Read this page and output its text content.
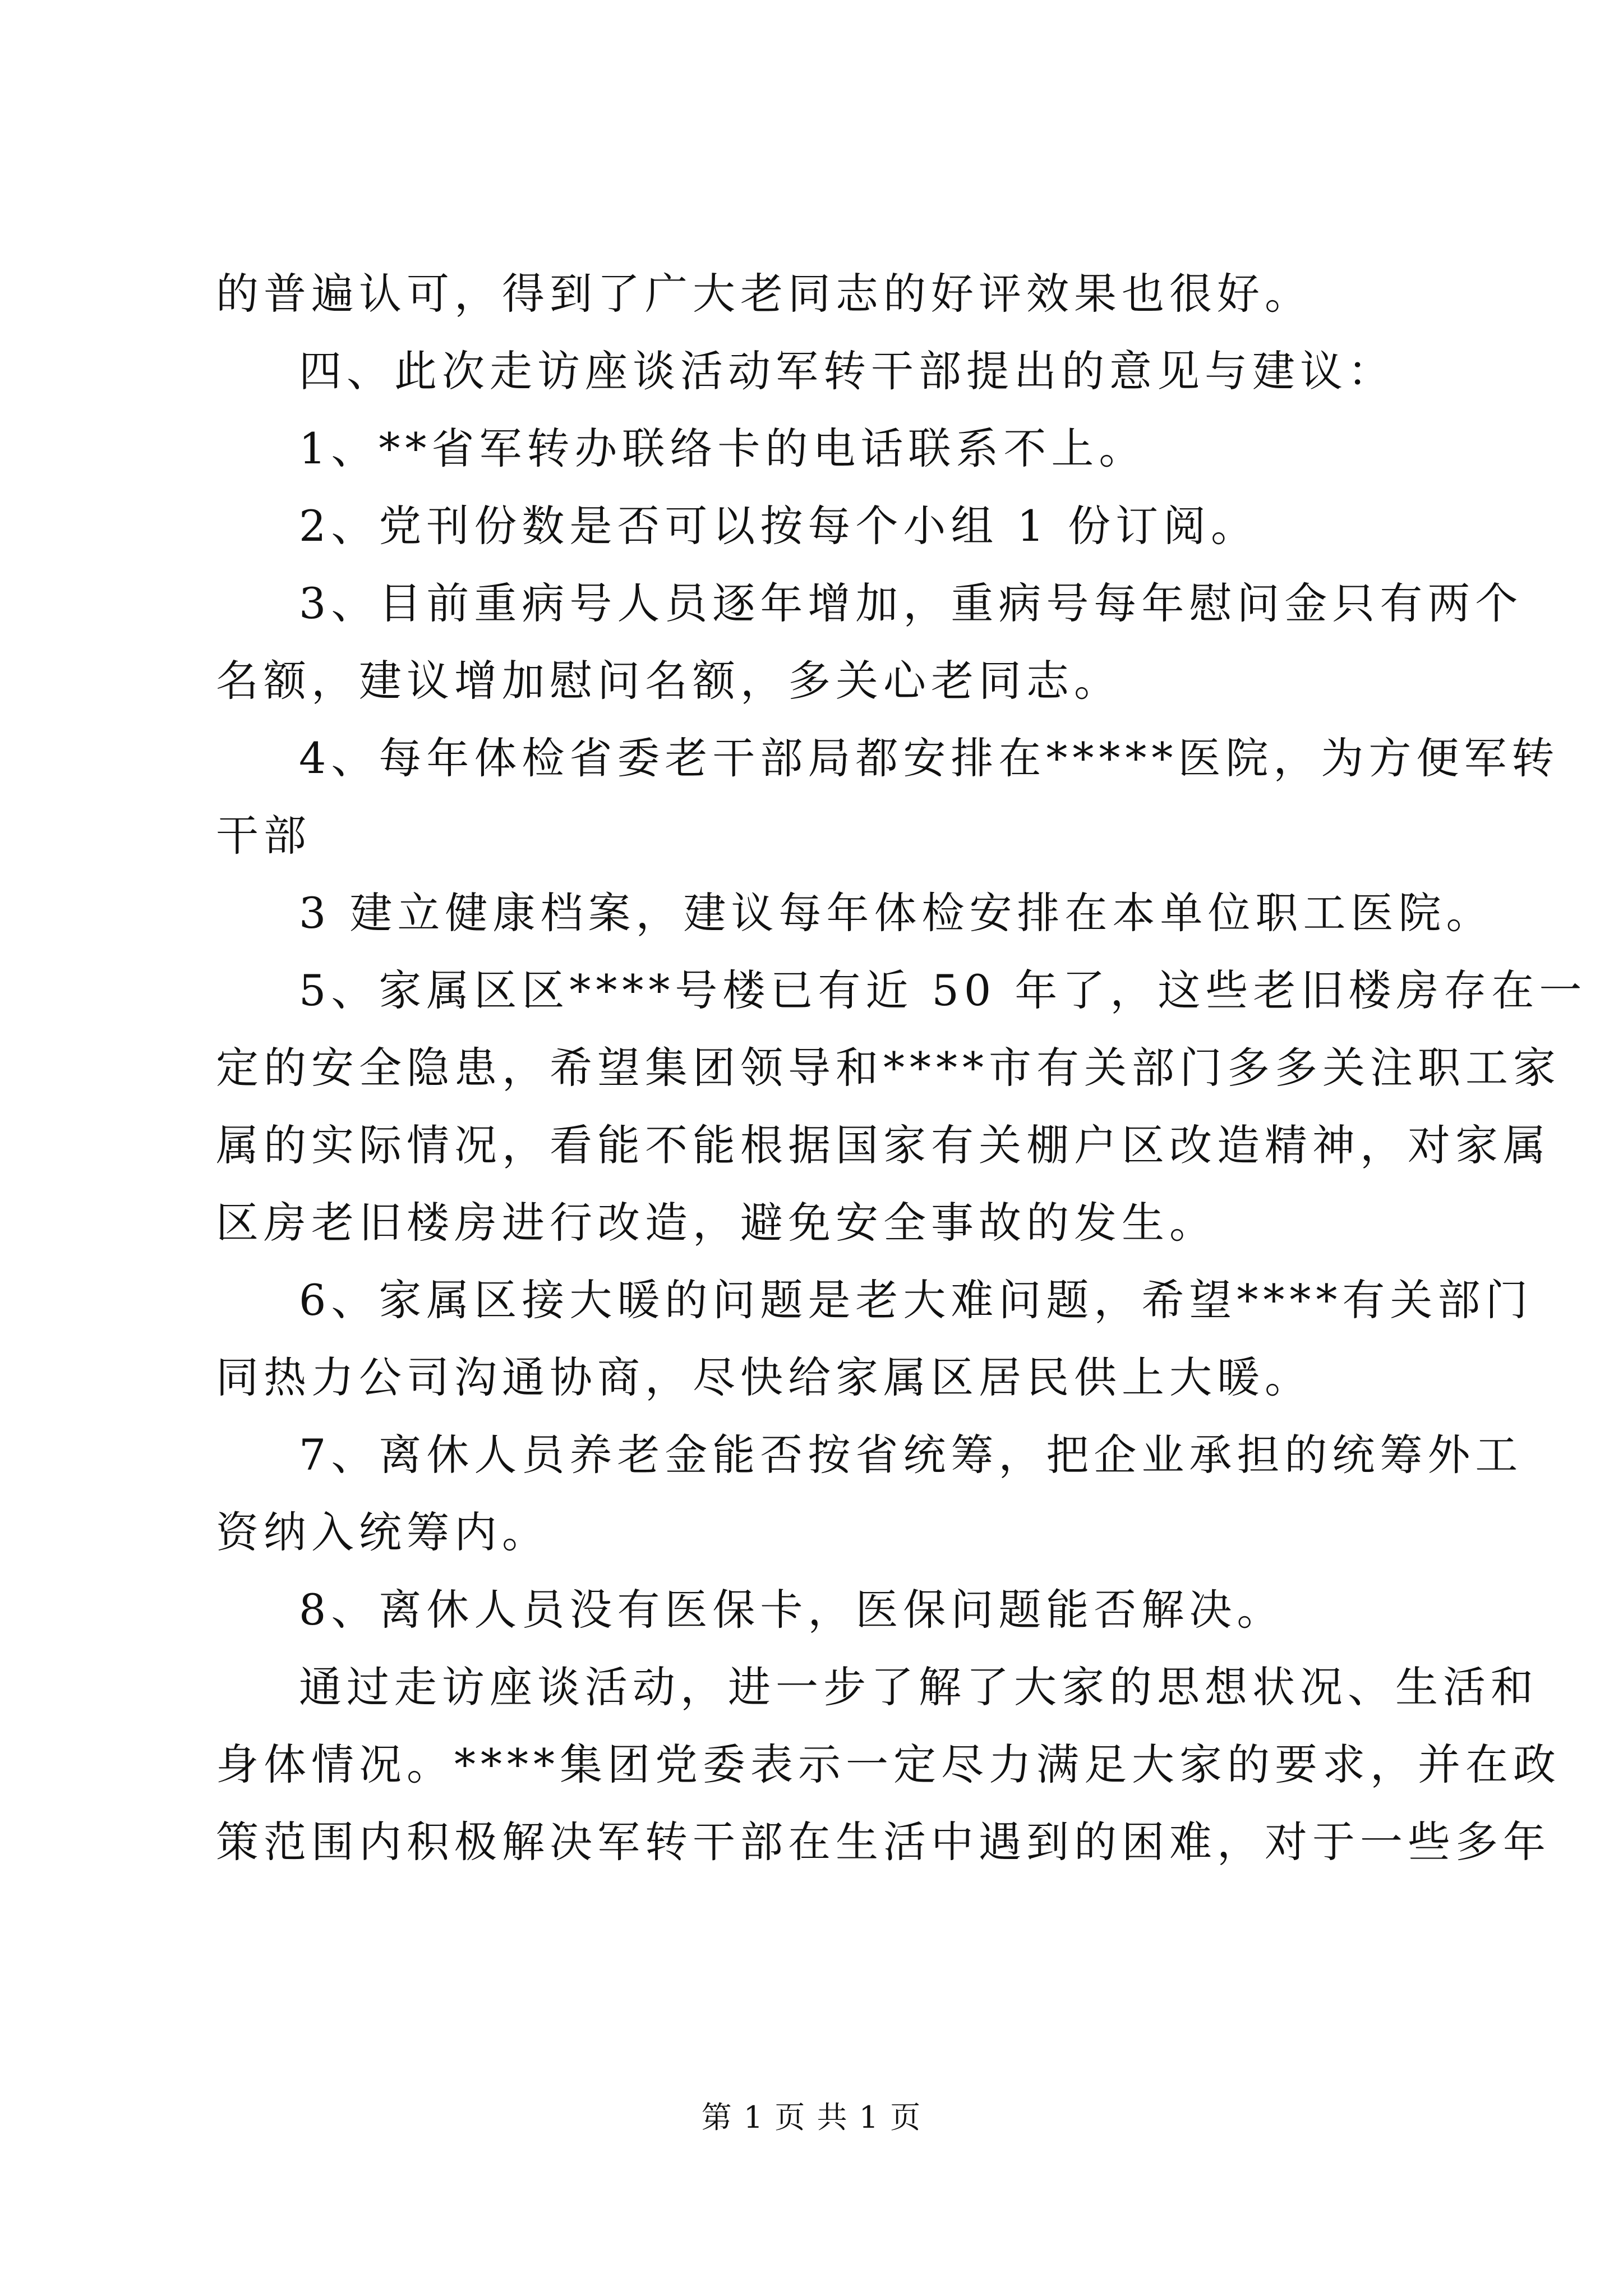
的普遍认可，得到了广大老同志的好评效果也很好。

四、此次走访座谈活动军转干部提出的意见与建议：

1、**省军转办联络卡的电话联系不上。

2、党刊份数是否可以按每个小组 1 份订阅。

3、目前重病号人员逐年增加，重病号每年慰问金只有两个

名额，建议增加慰问名额，多关心老同志。

4、每年体检省委老干部局都安排在*****医院，为方便军转

干部

3 建立健康档案，建议每年体检安排在本单位职工医院。

5、家属区区****号楼已有近 50 年了，这些老旧楼房存在一

定的安全隐患，希望集团领导和****市有关部门多多关注职工家

属的实际情况，看能不能根据国家有关棚户区改造精神，对家属

区房老旧楼房进行改造，避免安全事故的发生。

6、家属区接大暖的问题是老大难问题，希望****有关部门

同热力公司沟通协商，尽快给家属区居民供上大暖。

7、离休人员养老金能否按省统筹，把企业承担的统筹外工

资纳入统筹内。

8、离休人员没有医保卡，医保问题能否解决。

通过走访座谈活动，进一步了解了大家的思想状况、生活和

身体情况。****集团党委表示一定尽力满足大家的要求，并在政

策范围内积极解决军转干部在生活中遇到的困难，对于一些多年

第 1 页 共 1 页
